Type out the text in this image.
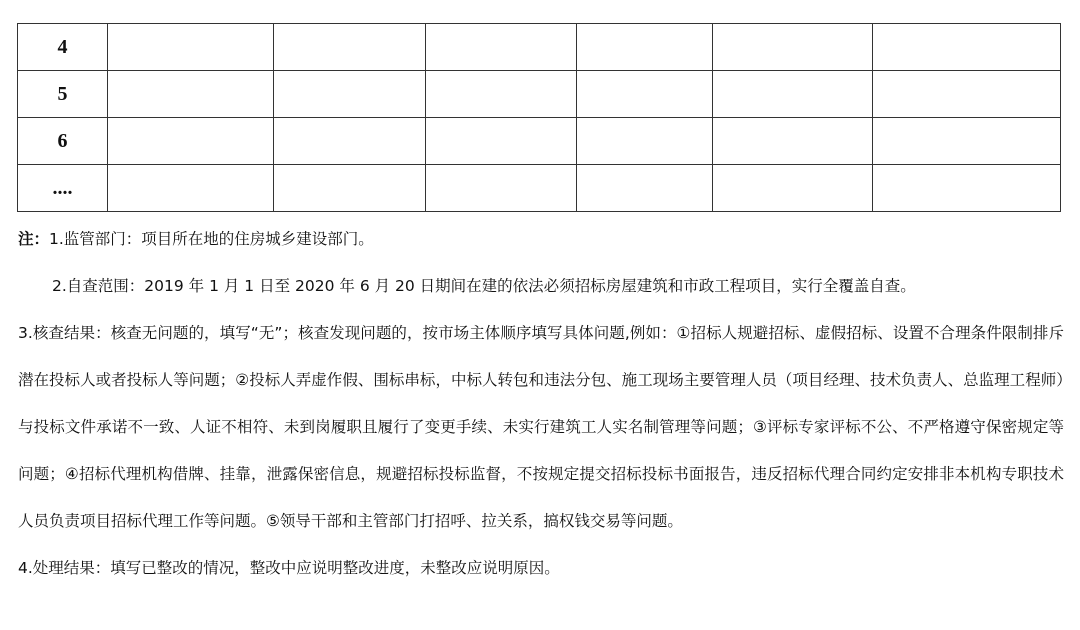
4						
5						
6						
....						

注：1.监管部门：项目所在地的住房城乡建设部门。

2.自查范围：2019 年 1 月 1 日至 2020 年 6 月 20 日期间在建的依法必须招标房屋建筑和市政工程项目，实行全覆盖自查。

3.核查结果：核查无问题的，填写“无”；核查发现问题的，按市场主体顺序填写具体问题,例如：①招标人规避招标、虚假招标、设置不合理条件限制排斥潜在投标人或者投标人等问题；②投标人弄虚作假、围标串标，中标人转包和违法分包、施工现场主要管理人员（项目经理、技术负责人、总监理工程师）与投标文件承诺不一致、人证不相符、未到岗履职且履行了变更手续、未实行建筑工人实名制管理等问题；③评标专家评标不公、不严格遵守保密规定等问题；④招标代理机构借牌、挂靠，泄露保密信息，规避招标投标监督，不按规定提交招标投标书面报告，违反招标代理合同约定安排非本机构专职技术人员负责项目招标代理工作等问题。⑤领导干部和主管部门打招呼、拉关系，搞权钱交易等问题。

4.处理结果：填写已整改的情况，整改中应说明整改进度，未整改应说明原因。
